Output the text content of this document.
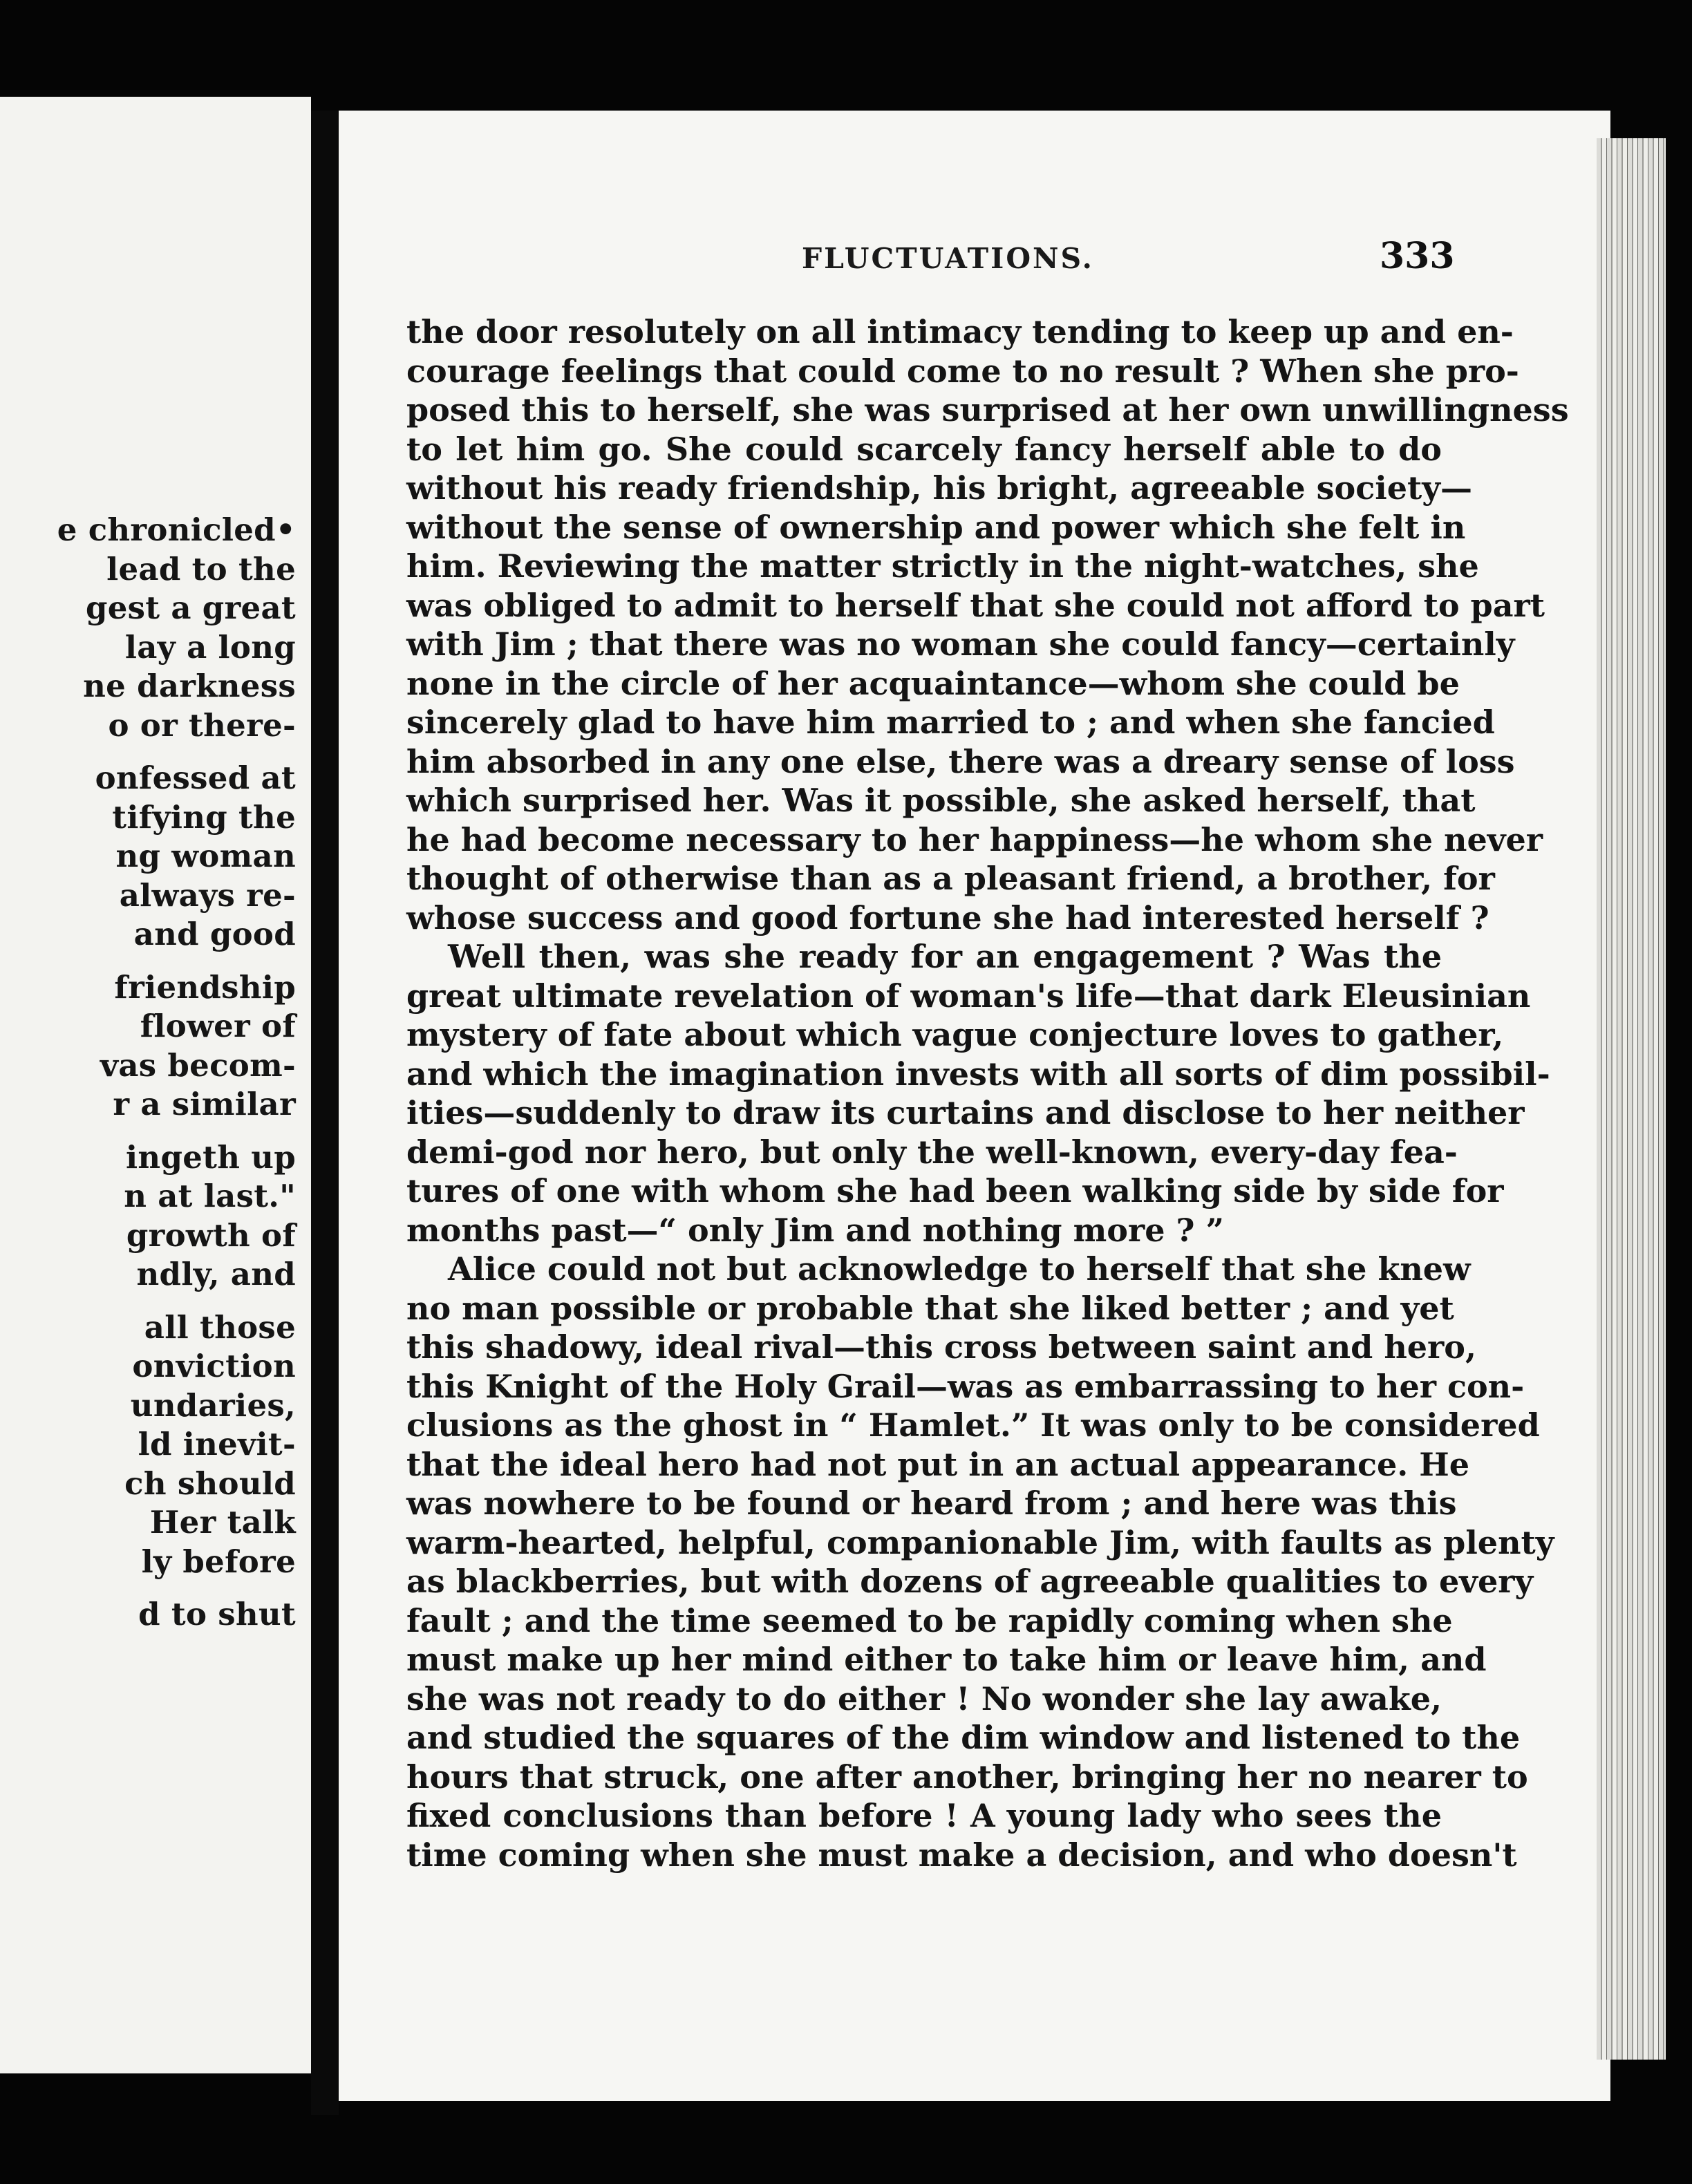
e chronicled•
lead to the
gest a great
lay a long
ne darkness
o or there-
onfessed at
tifying the
ng woman
always re-
and good
friendship
flower of
vas becom-
r a similar
ingeth up
n at last."
growth of
ndly, and
all those
onviction
undaries,
ld inevit-
ch should
Her talk
ly before
d to shut
FLUCTUATIONS.	333
the door resolutely on all intimacy tending to keep up and en-
courage feelings that could come to no result ? When she pro-
posed this to herself, she was surprised at her own unwillingness
to let him go. She could scarcely fancy herself able to do
without his ready friendship, his bright, agreeable society—
without the sense of ownership and power which she felt in
him. Reviewing the matter strictly in the night-watches, she
was obliged to admit to herself that she could not afford to part
with Jim ; that there was no woman she could fancy—certainly
none in the circle of her acquaintance—whom she could be
sincerely glad to have him married to ; and when she fancied
him absorbed in any one else, there was a dreary sense of loss
which surprised her. Was it possible, she asked herself, that
he had become necessary to her happiness—he whom she never
thought of otherwise than as a pleasant friend, a brother, for
whose success and good fortune she had interested herself ?
Well then, was she ready for an engagement ? Was the
great ultimate revelation of woman's life—that dark Eleusinian
mystery of fate about which vague conjecture loves to gather,
and which the imagination invests with all sorts of dim possibil-
ities—suddenly to draw its curtains and disclose to her neither
demi-god nor hero, but only the well-known, every-day fea-
tures of one with whom she had been walking side by side for
months past—“ only Jim and nothing more ? ”
Alice could not but acknowledge to herself that she knew
no man possible or probable that she liked better ; and yet
this shadowy, ideal rival—this cross between saint and hero,
this Knight of the Holy Grail—was as embarrassing to her con-
clusions as the ghost in “ Hamlet.” It was only to be considered
that the ideal hero had not put in an actual appearance. He
was nowhere to be found or heard from ; and here was this
warm-hearted, helpful, companionable Jim, with faults as plenty
as blackberries, but with dozens of agreeable qualities to every
fault ; and the time seemed to be rapidly coming when she
must make up her mind either to take him or leave him, and
she was not ready to do either ! No wonder she lay awake,
and studied the squares of the dim window and listened to the
hours that struck, one after another, bringing her no nearer to
fixed conclusions than before ! A young lady who sees the
time coming when she must make a decision, and who doesn't
